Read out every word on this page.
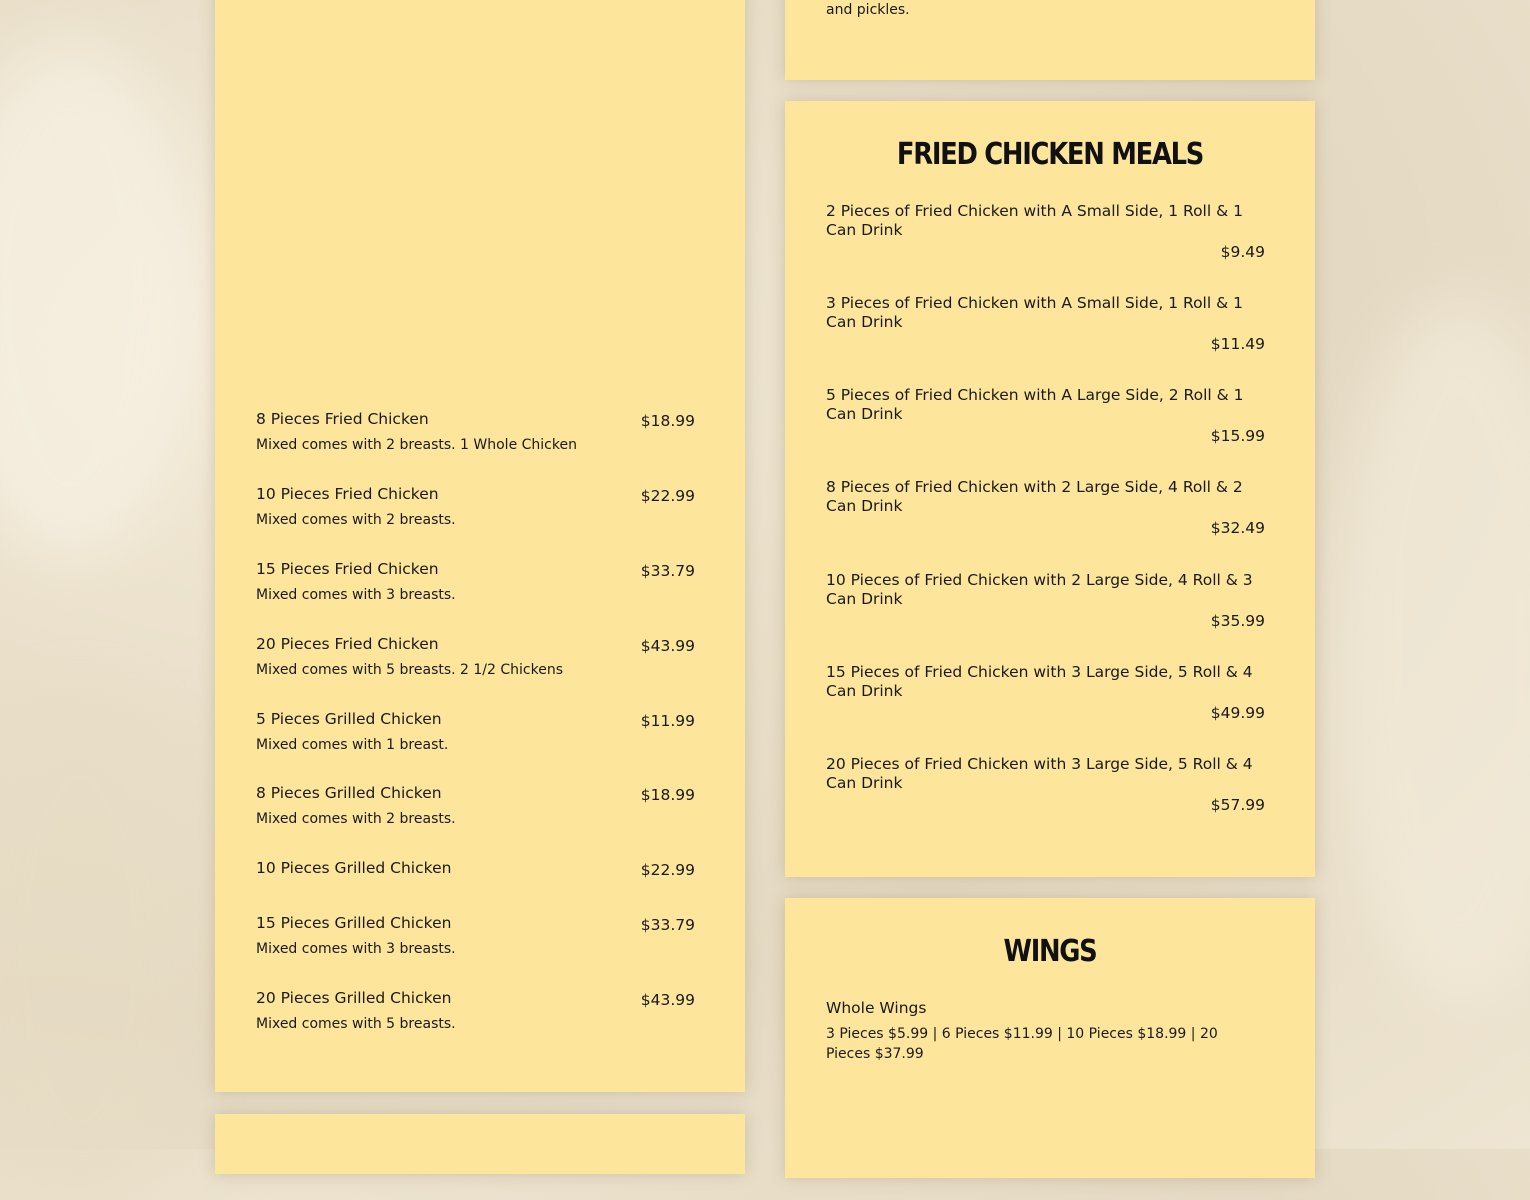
8 Pieces Fried Chicken
Mixed comes with 2 breasts. 1 Whole Chicken
$18.99
10 Pieces Fried Chicken
Mixed comes with 2 breasts.
$22.99
15 Pieces Fried Chicken
Mixed comes with 3 breasts.
$33.79
20 Pieces Fried Chicken
Mixed comes with 5 breasts. 2 1/2 Chickens
$43.99
5 Pieces Grilled Chicken
Mixed comes with 1 breast.
$11.99
8 Pieces Grilled Chicken
Mixed comes with 2 breasts.
$18.99
10 Pieces Grilled Chicken	$22.99
15 Pieces Grilled Chicken
Mixed comes with 3 breasts.
$33.79
20 Pieces Grilled Chicken
Mixed comes with 5 breasts.
$43.99
and pickles.
FRIED CHICKEN MEALS
2 Pieces of Fried Chicken with A Small Side, 1 Roll & 1 Can Drink
$9.49
3 Pieces of Fried Chicken with A Small Side, 1 Roll & 1 Can Drink
$11.49
5 Pieces of Fried Chicken with A Large Side, 2 Roll & 1 Can Drink
$15.99
8 Pieces of Fried Chicken with 2 Large Side, 4 Roll & 2 Can Drink
$32.49
10 Pieces of Fried Chicken with 2 Large Side, 4 Roll & 3 Can Drink
$35.99
15 Pieces of Fried Chicken with 3 Large Side, 5 Roll & 4 Can Drink
$49.99
20 Pieces of Fried Chicken with 3 Large Side, 5 Roll & 4 Can Drink
$57.99
WINGS
Whole Wings
3 Pieces $5.99 | 6 Pieces $11.99 | 10 Pieces $18.99 | 20 Pieces $37.99
